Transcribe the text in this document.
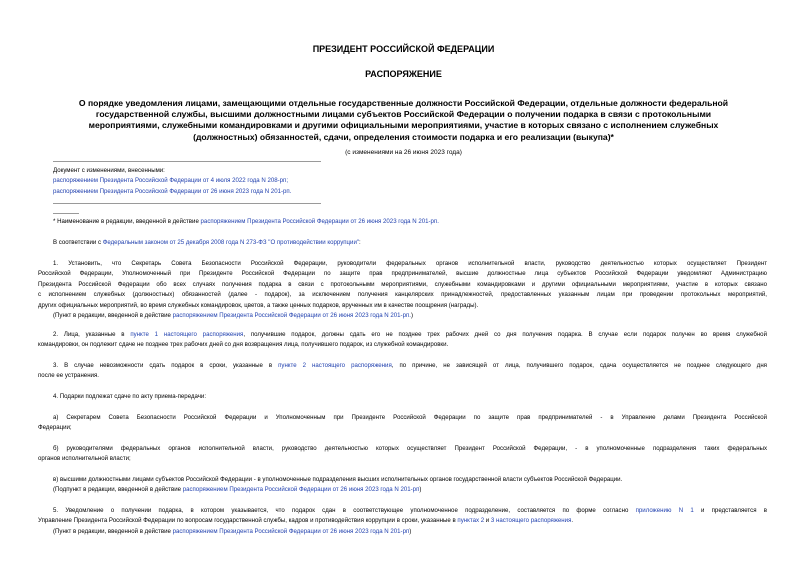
ПРЕЗИДЕНТ РОССИЙСКОЙ ФЕДЕРАЦИИ
РАСПОРЯЖЕНИЕ
О порядке уведомления лицами, замещающими отдельные государственные должности Российской Федерации, отдельные должности федеральной государственной службы, высшими должностными лицами субъектов Российской Федерации о получении подарка в связи с протокольными мероприятиями, служебными командировками и другими официальными мероприятиями, участие в которых связано с исполнением служебных (должностных) обязанностей, сдачи, определения стоимости подарка и его реализации (выкупа)*
(с изменениями на 26 июня 2023 года)
Документ с изменениями, внесенными:
распоряжением Президента Российской Федерации от 4 июля 2022 года N 208-рп;
распоряжением Президента Российской Федерации от 26 июня 2023 года N 201-рп.
* Наименование в редакции, введенной в действие распоряжением Президента Российской Федерации от 26 июня 2023 года N 201-рп.
В соответствии с Федеральным законом от 25 декабря 2008 года N 273-ФЗ "О противодействии коррупции":
1. Установить, что Секретарь Совета Безопасности Российской Федерации, руководители федеральных органов исполнительной власти, руководство деятельностью которых осуществляет Президент
Российской Федерации, Уполномоченный при Президенте Российской Федерации по защите прав предпринимателей, высшие должностные лица субъектов Российской Федерации уведомляют Администрацию
Президента Российской Федерации обо всех случаях получения подарка в связи с протокольными мероприятиями, служебными командировками и другими официальными мероприятиями, участие в которых связано
с исполнением служебных (должностных) обязанностей (далее - подарок), за исключением получения канцелярских принадлежностей, предоставленных указанным лицам при проведении протокольных мероприятий,
других официальных мероприятий, во время служебных командировок, цветов, а также ценных подарков, врученных им в качестве поощрения (награды).
(Пункт в редакции, введенной в действие распоряжением Президента Российской Федерации от 26 июня 2023 года N 201-рп.)
2. Лица, указанные в пункте 1 настоящего распоряжения, получившие подарок, должны сдать его не позднее трех рабочих дней со дня получения подарка. В случае если подарок получен во время служебной
командировки, он подлежит сдаче не позднее трех рабочих дней со дня возвращения лица, получившего подарок, из служебной командировки.
3. В случае невозможности сдать подарок в сроки, указанные в пункте 2 настоящего распоряжения, по причине, не зависящей от лица, получившего подарок, сдача осуществляется не позднее следующего дня
после ее устранения.
4. Подарки подлежат сдаче по акту приема-передачи:
а) Секретарем Совета Безопасности Российской Федерации и Уполномоченным при Президенте Российской Федерации по защите прав предпринимателей - в Управление делами Президента Российской
Федерации;
б) руководителями федеральных органов исполнительной власти, руководство деятельностью которых осуществляет Президент Российской Федерации, - в уполномоченные подразделения таких федеральных
органов исполнительной власти;
в) высшими должностными лицами субъектов Российской Федерации - в уполномоченные подразделения высших исполнительных органов государственной власти субъектов Российской Федерации.
(Подпункт в редакции, введенной в действие распоряжением Президента Российской Федерации от 26 июня 2023 года N 201-рп)
5. Уведомление о получении подарка, в котором указывается, что подарок сдан в соответствующее уполномоченное подразделение, составляется по форме согласно приложению N 1 и представляется в
Управление Президента Российской Федерации по вопросам государственной службы, кадров и противодействия коррупции в сроки, указанные в пунктах 2 и 3 настоящего распоряжения.
(Пункт в редакции, введенной в действие распоряжением Президента Российской Федерации от 26 июня 2023 года N 201-рп)
